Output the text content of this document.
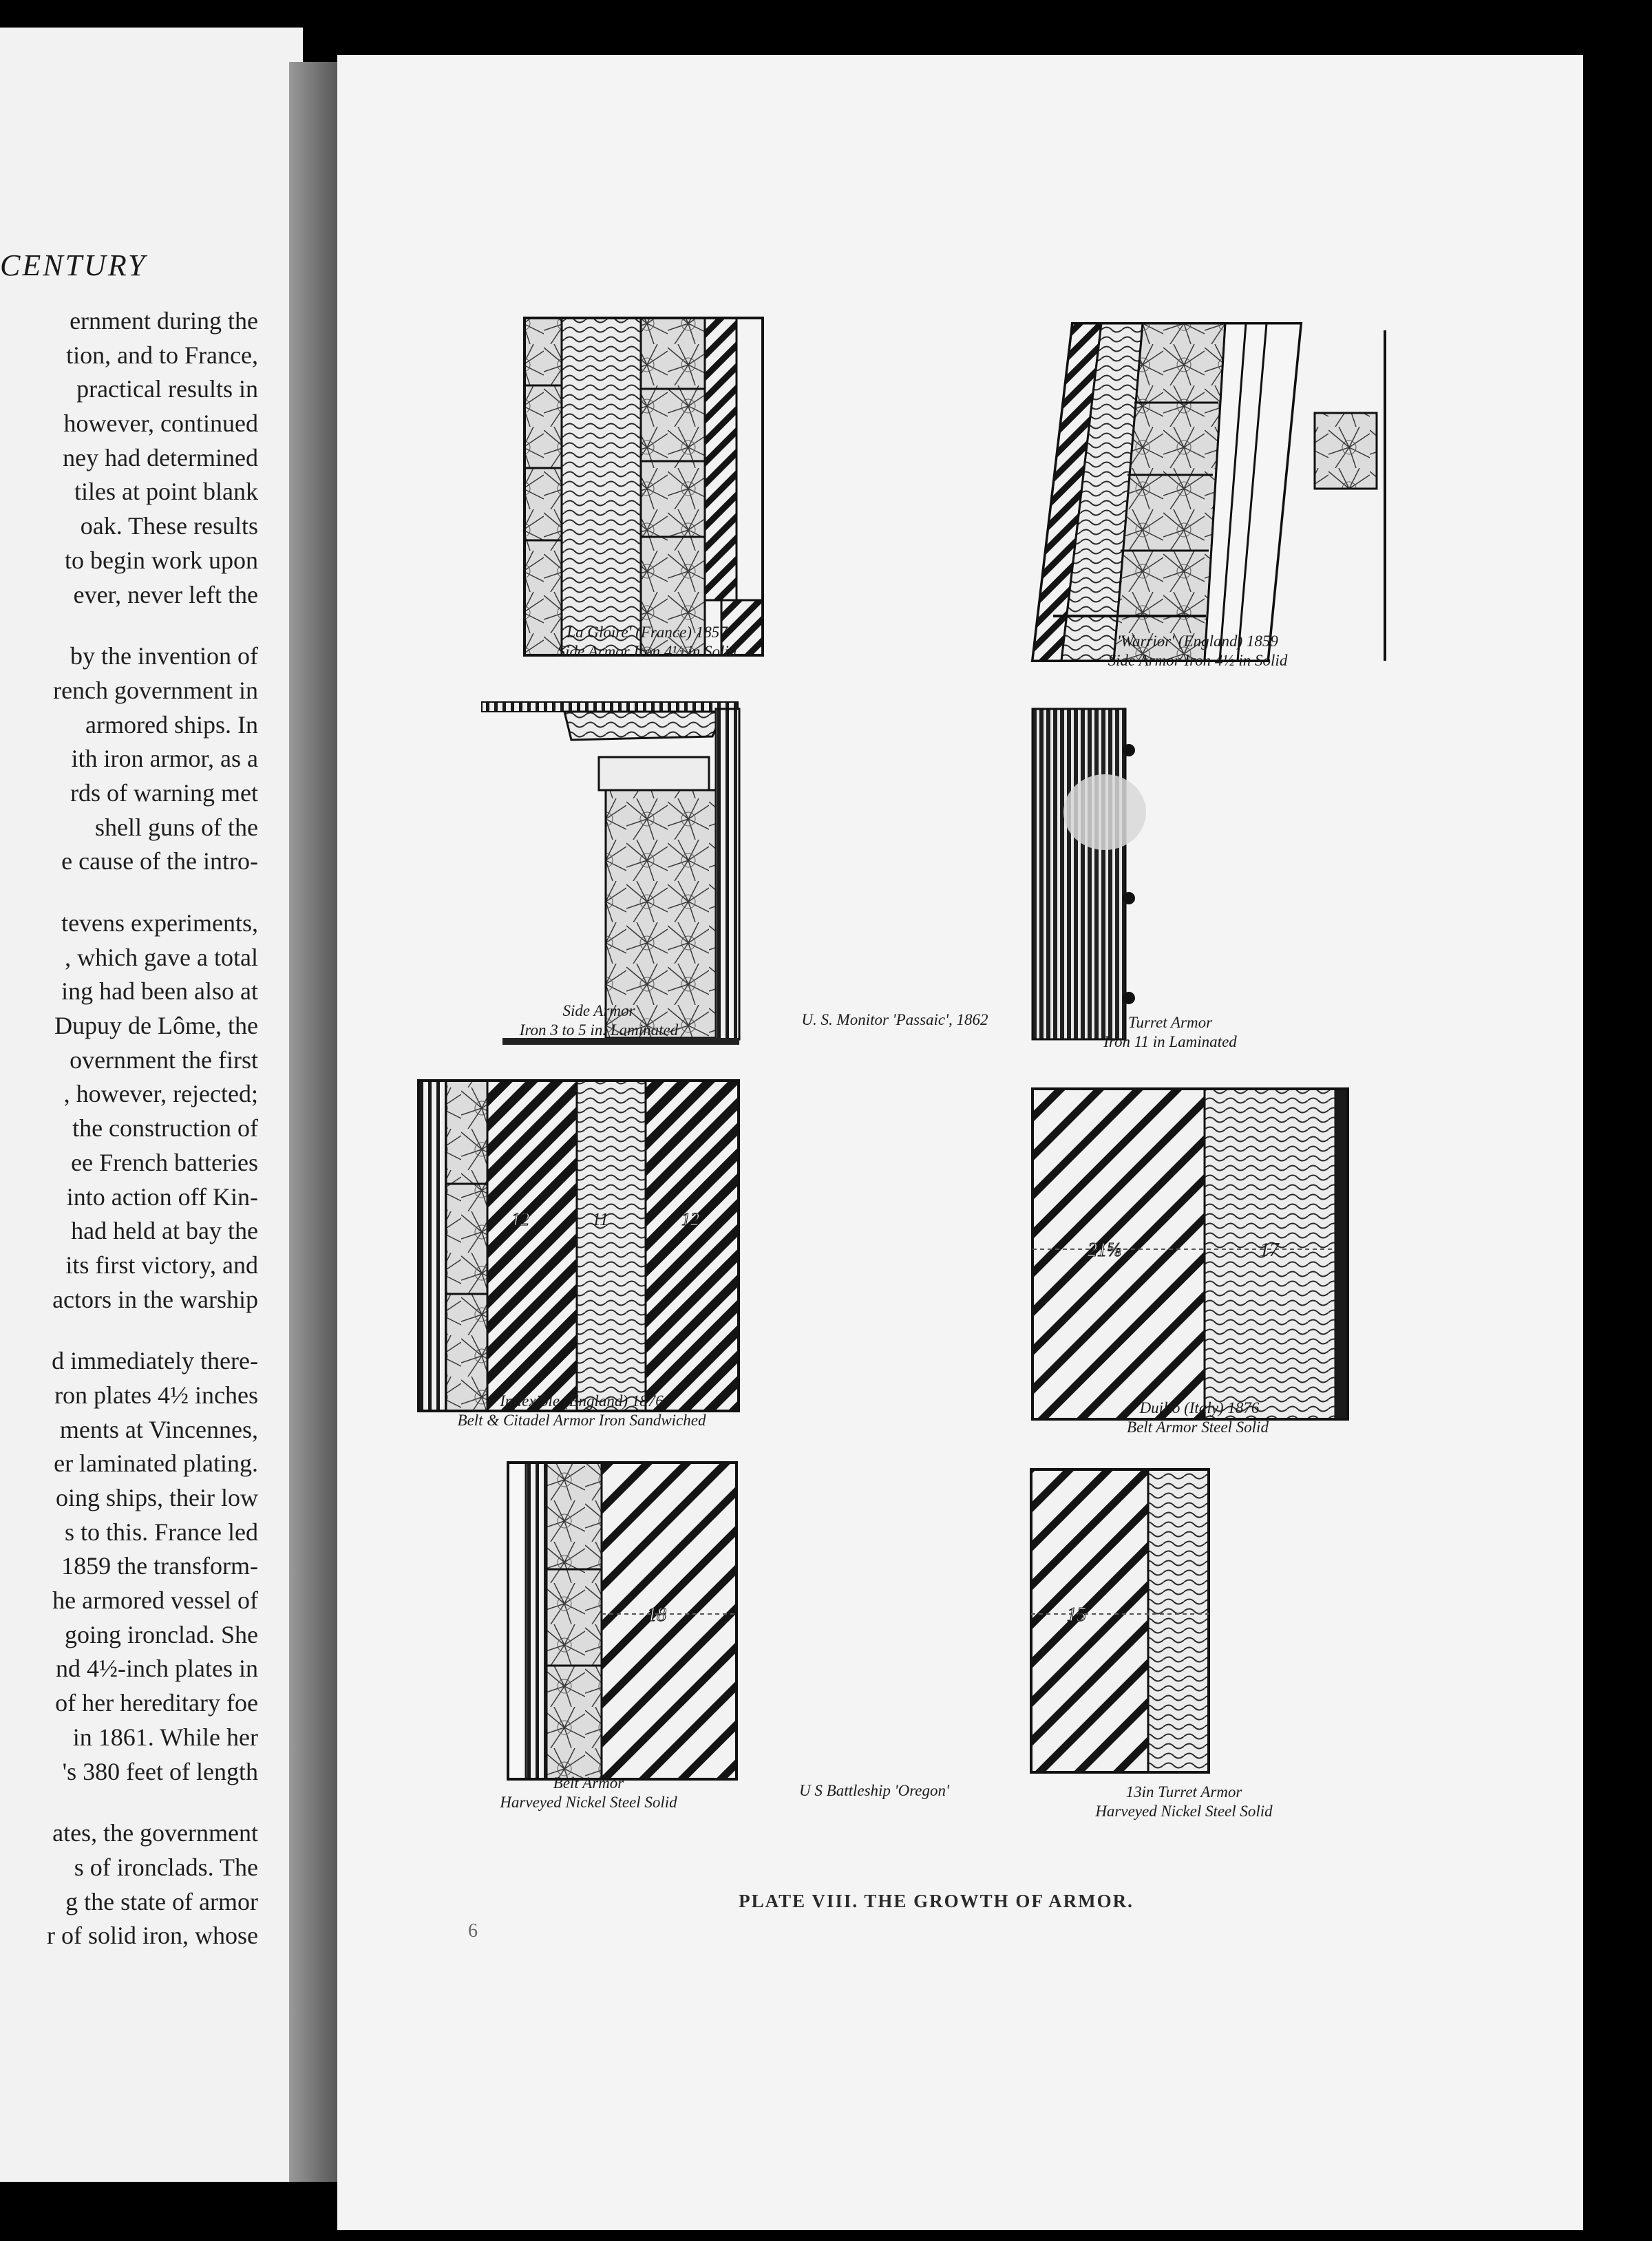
CENTURY
ernment during the
tion, and to France,
practical results in
however, continued
ney had determined
tiles at point blank
oak. These results
to begin work upon
ever, never left the
by the invention of
rench government in
armored ships. In
ith iron armor, as a
rds of warning met
shell guns of the
e cause of the intro-
tevens experiments,
, which gave a total
ing had been also at
Dupuy de Lôme, the
overnment the first
, however, rejected;
the construction of
ee French batteries
into action off Kin-
had held at bay the
its first victory, and
actors in the warship
d immediately there-
ron plates 4½ inches
ments at Vincennes,
er laminated plating.
oing ships, their low
s to this. France led
1859 the transform-
he armored vessel of
going ironclad. She
nd 4½-inch plates in
of her hereditary foe
in 1861. While her
's 380 feet of length
ates, the government
s of ironclads. The
g the state of armor
r of solid iron, whose
12	11	12
21⅝	17
18	15
La Gloire' (France) 1857
Side Armor Iron 4½ in Solid
'Warrior' (England) 1859
Side Armor Iron 4½ in Solid
Side Armor
Iron 3 to 5 in. Laminated
U. S. Monitor 'Passaic', 1862	Turret Armor
Iron 11 in Laminated
Inflexible (England) 1876
Belt & Citadel Armor Iron Sandwiched
'Duilio (Italy) 1876
Belt Armor Steel Solid
Belt Armor
Harveyed Nickel Steel Solid
U S Battleship 'Oregon'	13in Turret Armor
Harveyed Nickel Steel Solid
PLATE VIII. THE GROWTH OF ARMOR.
6
